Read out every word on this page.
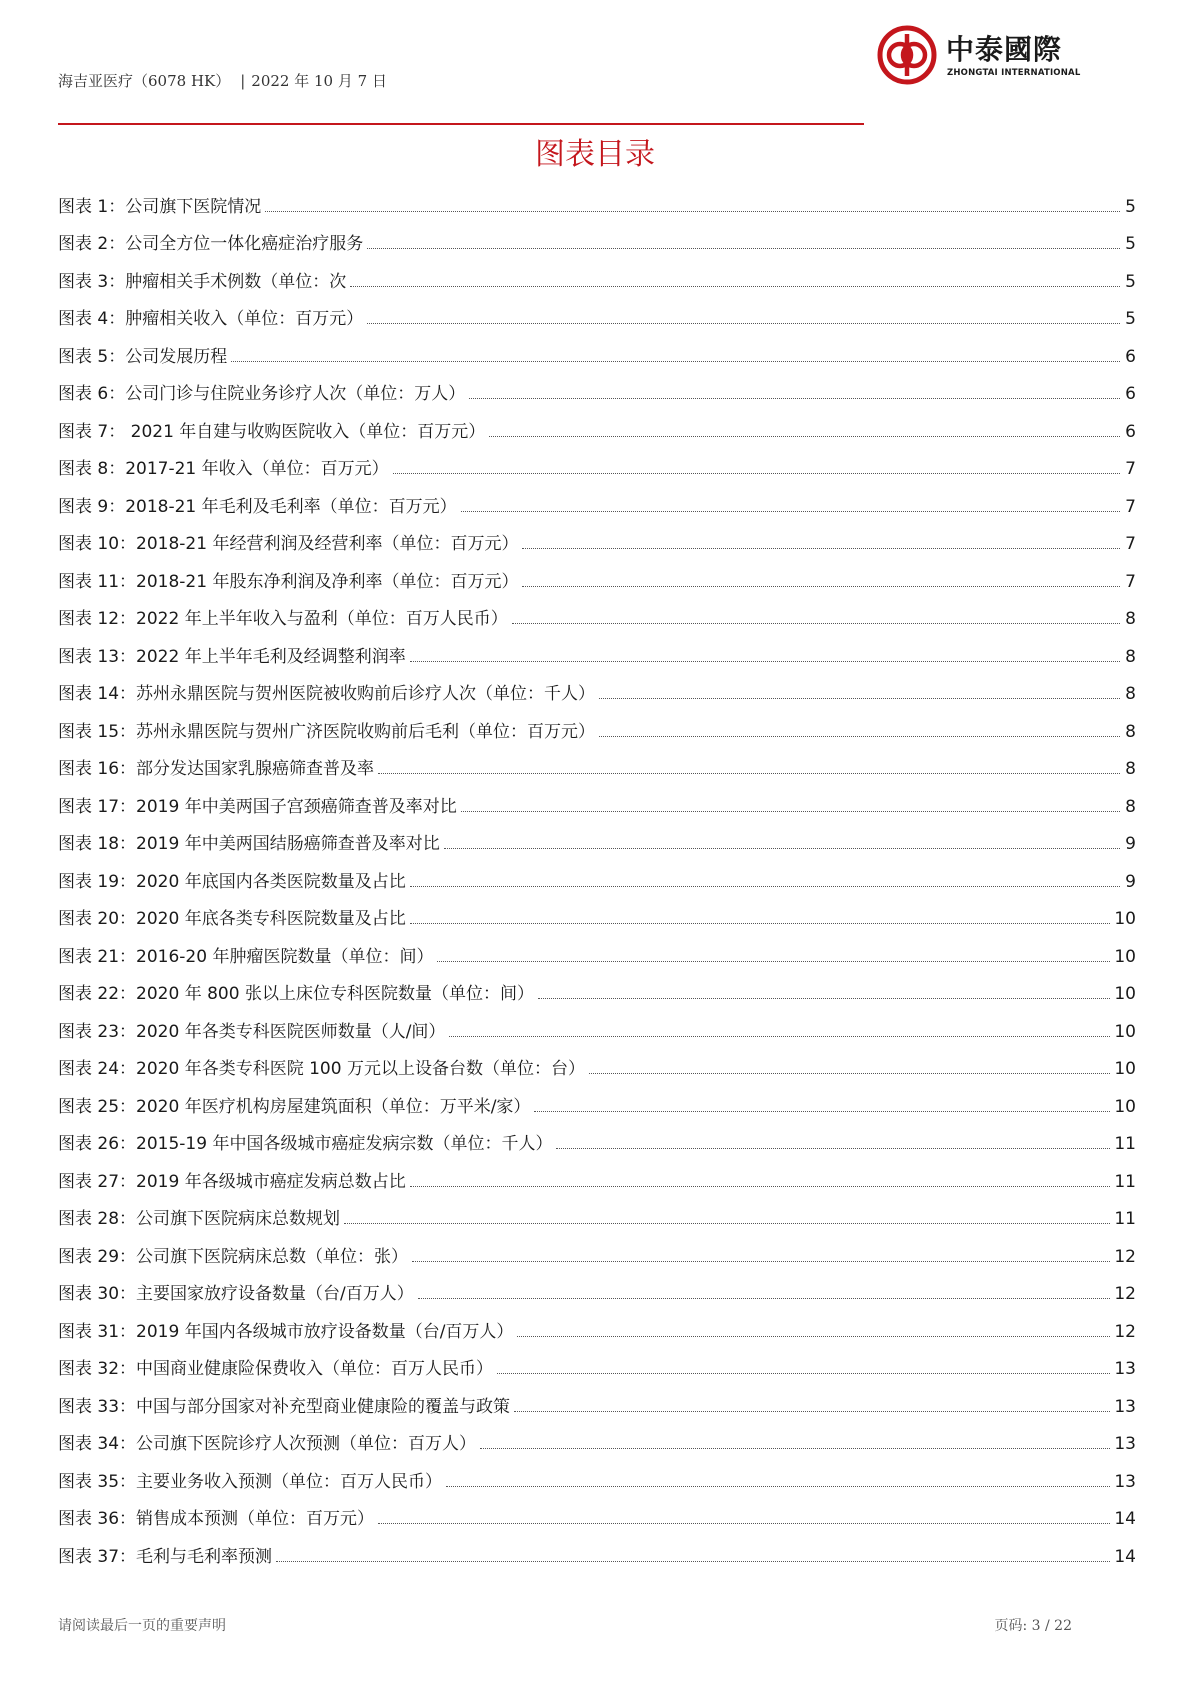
海吉亚医疗（6078 HK） | 2022 年 10 月 7 日
中泰國際
ZHONGTAI INTERNATIONAL
图表目录
图表 1：公司旗下医院情况	5
图表 2：公司全方位一体化癌症治疗服务	5
图表 3：肿瘤相关手术例数（单位：次	5
图表 4：肿瘤相关收入（单位：百万元）	5
图表 5：公司发展历程	6
图表 6：公司门诊与住院业务诊疗人次（单位：万人）	6
图表 7： 2021 年自建与收购医院收入（单位：百万元）	6
图表 8：2017-21 年收入（单位：百万元）	7
图表 9：2018-21 年毛利及毛利率（单位：百万元）	7
图表 10：2018-21 年经营利润及经营利率（单位：百万元）	7
图表 11：2018-21 年股东净利润及净利率（单位：百万元）	7
图表 12：2022 年上半年收入与盈利（单位：百万人民币）	8
图表 13：2022 年上半年毛利及经调整利润率	8
图表 14：苏州永鼎医院与贺州医院被收购前后诊疗人次（单位：千人）	8
图表 15：苏州永鼎医院与贺州广济医院收购前后毛利（单位：百万元）	8
图表 16：部分发达国家乳腺癌筛查普及率	8
图表 17：2019 年中美两国子宫颈癌筛查普及率对比	8
图表 18：2019 年中美两国结肠癌筛查普及率对比	9
图表 19：2020 年底国内各类医院数量及占比	9
图表 20：2020 年底各类专科医院数量及占比	10
图表 21：2016-20 年肿瘤医院数量（单位：间）	10
图表 22：2020 年 800 张以上床位专科医院数量（单位：间）	10
图表 23：2020 年各类专科医院医师数量（人/间）	10
图表 24：2020 年各类专科医院 100 万元以上设备台数（单位：台）	10
图表 25：2020 年医疗机构房屋建筑面积（单位：万平米/家）	10
图表 26：2015-19 年中国各级城市癌症发病宗数（单位：千人）	11
图表 27：2019 年各级城市癌症发病总数占比	11
图表 28：公司旗下医院病床总数规划	11
图表 29：公司旗下医院病床总数（单位：张）	12
图表 30：主要国家放疗设备数量（台/百万人）	12
图表 31：2019 年国内各级城市放疗设备数量（台/百万人）	12
图表 32：中国商业健康险保费收入（单位：百万人民币）	13
图表 33：中国与部分国家对补充型商业健康险的覆盖与政策	13
图表 34：公司旗下医院诊疗人次预测（单位：百万人）	13
图表 35：主要业务收入预测（单位：百万人民币）	13
图表 36：销售成本预测（单位：百万元）	14
图表 37：毛利与毛利率预测	14
请阅读最后一页的重要声明	页码: 3 / 22
